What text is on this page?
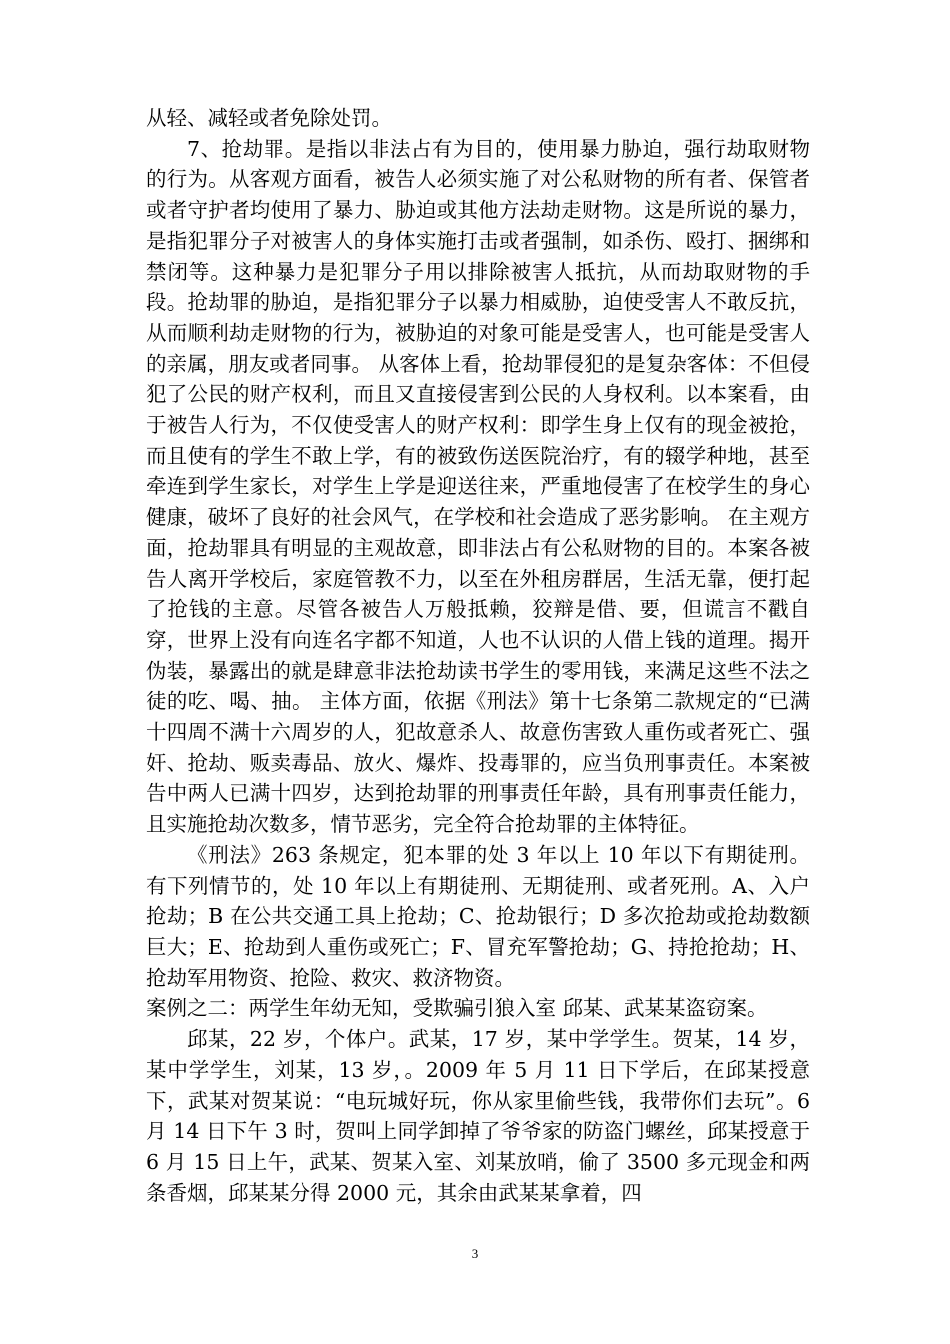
从轻、减轻或者免除处罚。

7、抢劫罪。是指以非法占有为目的，使用暴力胁迫，强行劫取财物的行为。从客观方面看，被告人必须实施了对公私财物的所有者、保管者或者守护者均使用了暴力、胁迫或其他方法劫走财物。这是所说的暴力，是指犯罪分子对被害人的身体实施打击或者强制，如杀伤、殴打、捆绑和禁闭等。这种暴力是犯罪分子用以排除被害人抵抗，从而劫取财物的手段。抢劫罪的胁迫，是指犯罪分子以暴力相威胁，迫使受害人不敢反抗，从而顺利劫走财物的行为，被胁迫的对象可能是受害人，也可能是受害人的亲属，朋友或者同事。 从客体上看，抢劫罪侵犯的是复杂客体：不但侵犯了公民的财产权利，而且又直接侵害到公民的人身权利。以本案看，由于被告人行为，不仅使受害人的财产权利：即学生身上仅有的现金被抢，而且使有的学生不敢上学，有的被致伤送医院治疗，有的辍学种地，甚至牵连到学生家长，对学生上学是迎送往来，严重地侵害了在校学生的身心健康，破坏了良好的社会风气，在学校和社会造成了恶劣影响。 在主观方面，抢劫罪具有明显的主观故意，即非法占有公私财物的目的。本案各被告人离开学校后，家庭管教不力，以至在外租房群居，生活无靠，便打起了抢钱的主意。尽管各被告人万般抵赖，狡辩是借、要，但谎言不戳自穿，世界上没有向连名字都不知道，人也不认识的人借上钱的道理。揭开伪装，暴露出的就是肆意非法抢劫读书学生的零用钱，来满足这些不法之徒的吃、喝、抽。 主体方面，依据《刑法》第十七条第二款规定的“已满十四周不满十六周岁的人，犯故意杀人、故意伤害致人重伤或者死亡、强奸、抢劫、贩卖毒品、放火、爆炸、投毒罪的，应当负刑事责任。本案被告中两人已满十四岁，达到抢劫罪的刑事责任年龄，具有刑事责任能力，且实施抢劫次数多，情节恶劣，完全符合抢劫罪的主体特征。

《刑法》263 条规定，犯本罪的处 3 年以上 10 年以下有期徒刑。有下列情节的，处 10 年以上有期徒刑、无期徒刑、或者死刑。A、入户抢劫；B 在公共交通工具上抢劫；C、抢劫银行；D 多次抢劫或抢劫数额巨大；E、抢劫到人重伤或死亡；F、冒充军警抢劫；G、持抢抢劫；H、抢劫军用物资、抢险、救灾、救济物资。

案例之二：两学生年幼无知，受欺骗引狼入室 邱某、武某某盗窃案。

邱某，22 岁，个体户。武某，17 岁，某中学学生。贺某，14 岁，某中学学生，刘某，13 岁，。2009 年 5 月 11 日下学后，在邱某授意下，武某对贺某说：“电玩城好玩，你从家里偷些钱，我带你们去玩”。6 月 14 日下午 3 时，贺叫上同学卸掉了爷爷家的防盗门螺丝，邱某授意于 6 月 15 日上午，武某、贺某入室、刘某放哨，偷了 3500 多元现金和两条香烟，邱某某分得 2000 元，其余由武某某拿着，四

3
